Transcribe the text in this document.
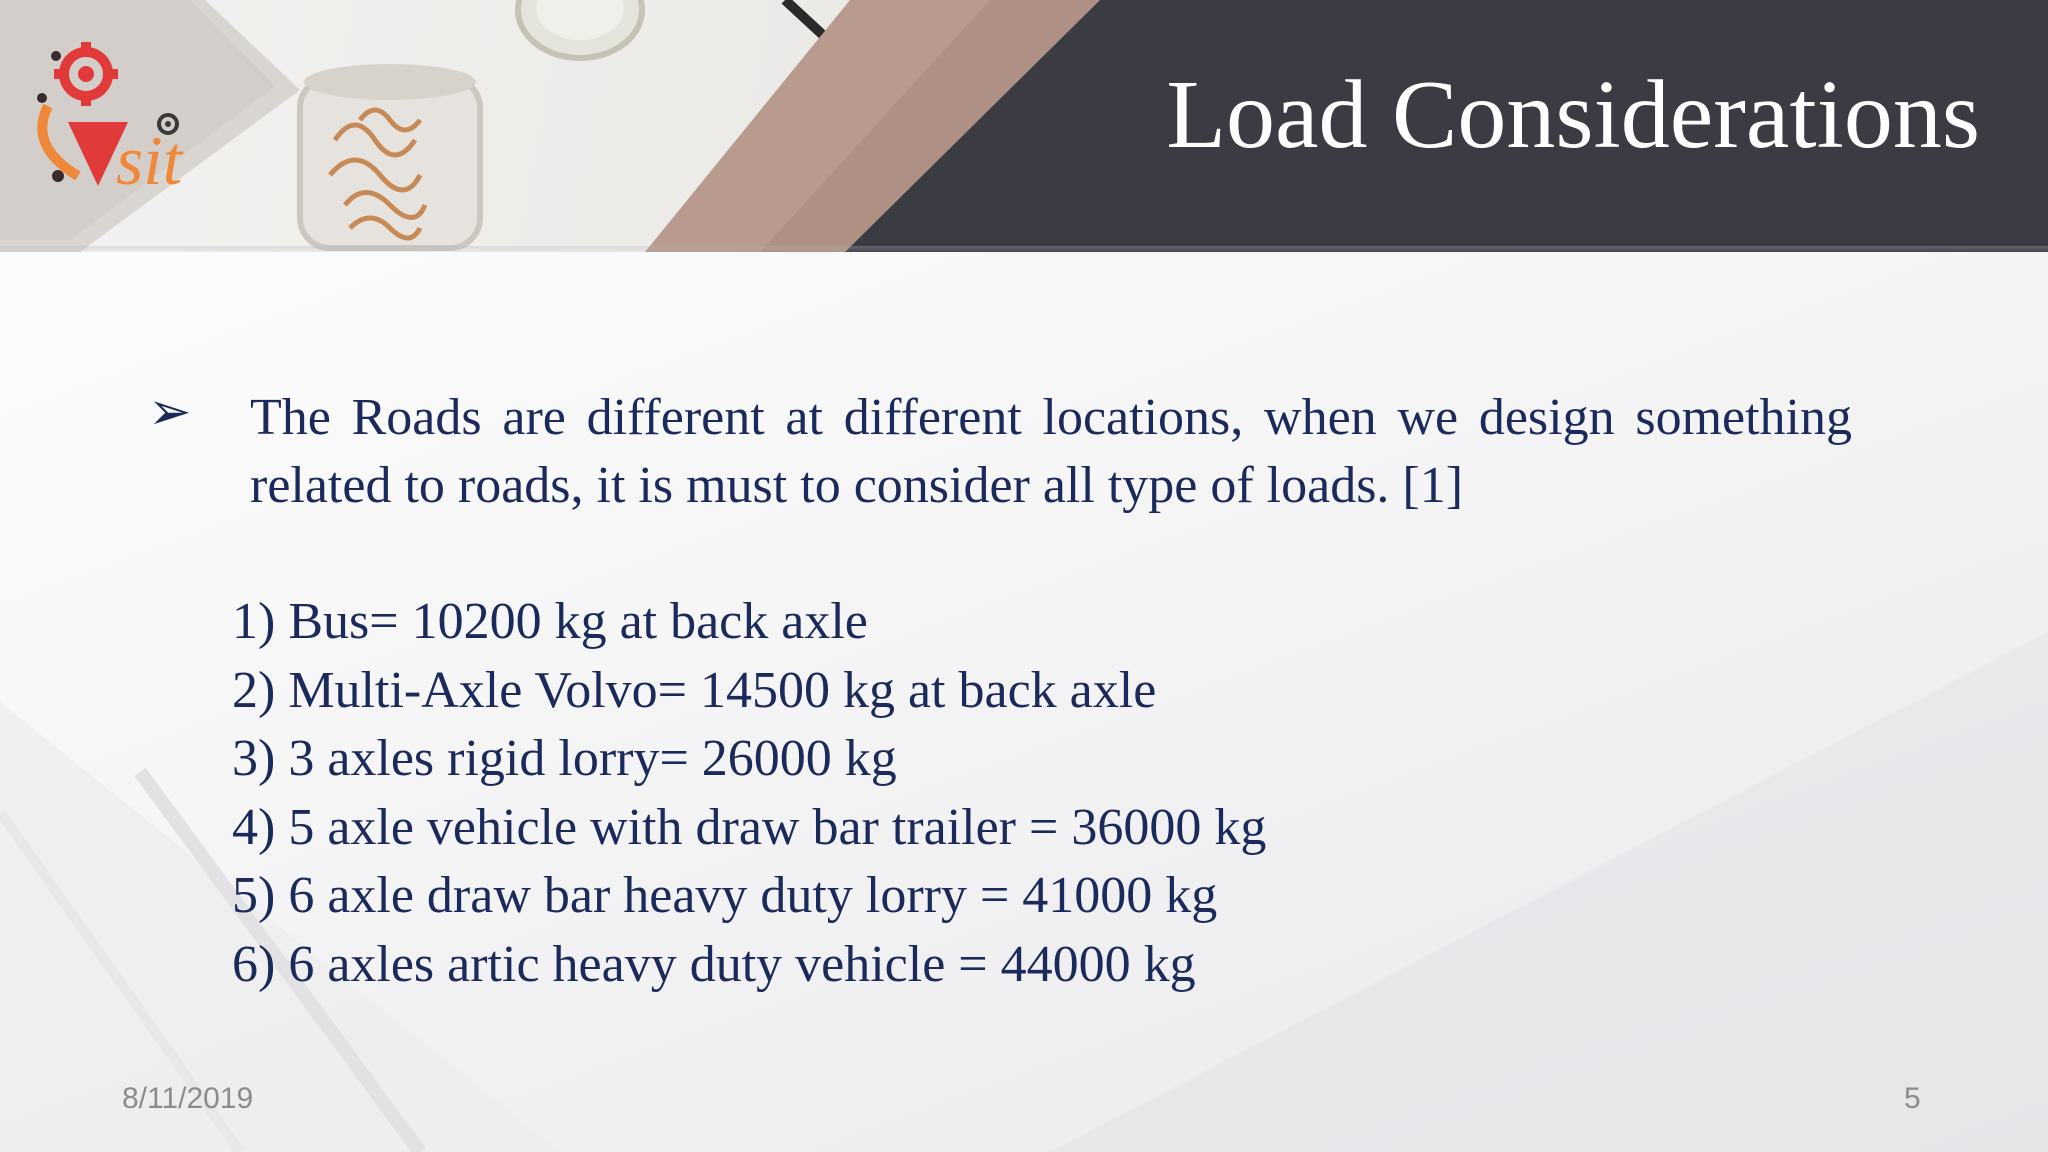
sit	Load Considerations
➢ The Roads are different at different locations, when we design something related to roads, it is must to consider all type of loads. [1]
1) Bus= 10200 kg at back axle
2) Multi-Axle Volvo= 14500 kg at back axle
3) 3 axles rigid lorry= 26000 kg
4) 5 axle vehicle with draw bar trailer = 36000 kg
5) 6 axle draw bar heavy duty lorry = 41000 kg
6) 6 axles artic heavy duty vehicle = 44000 kg
8/11/2019	5
